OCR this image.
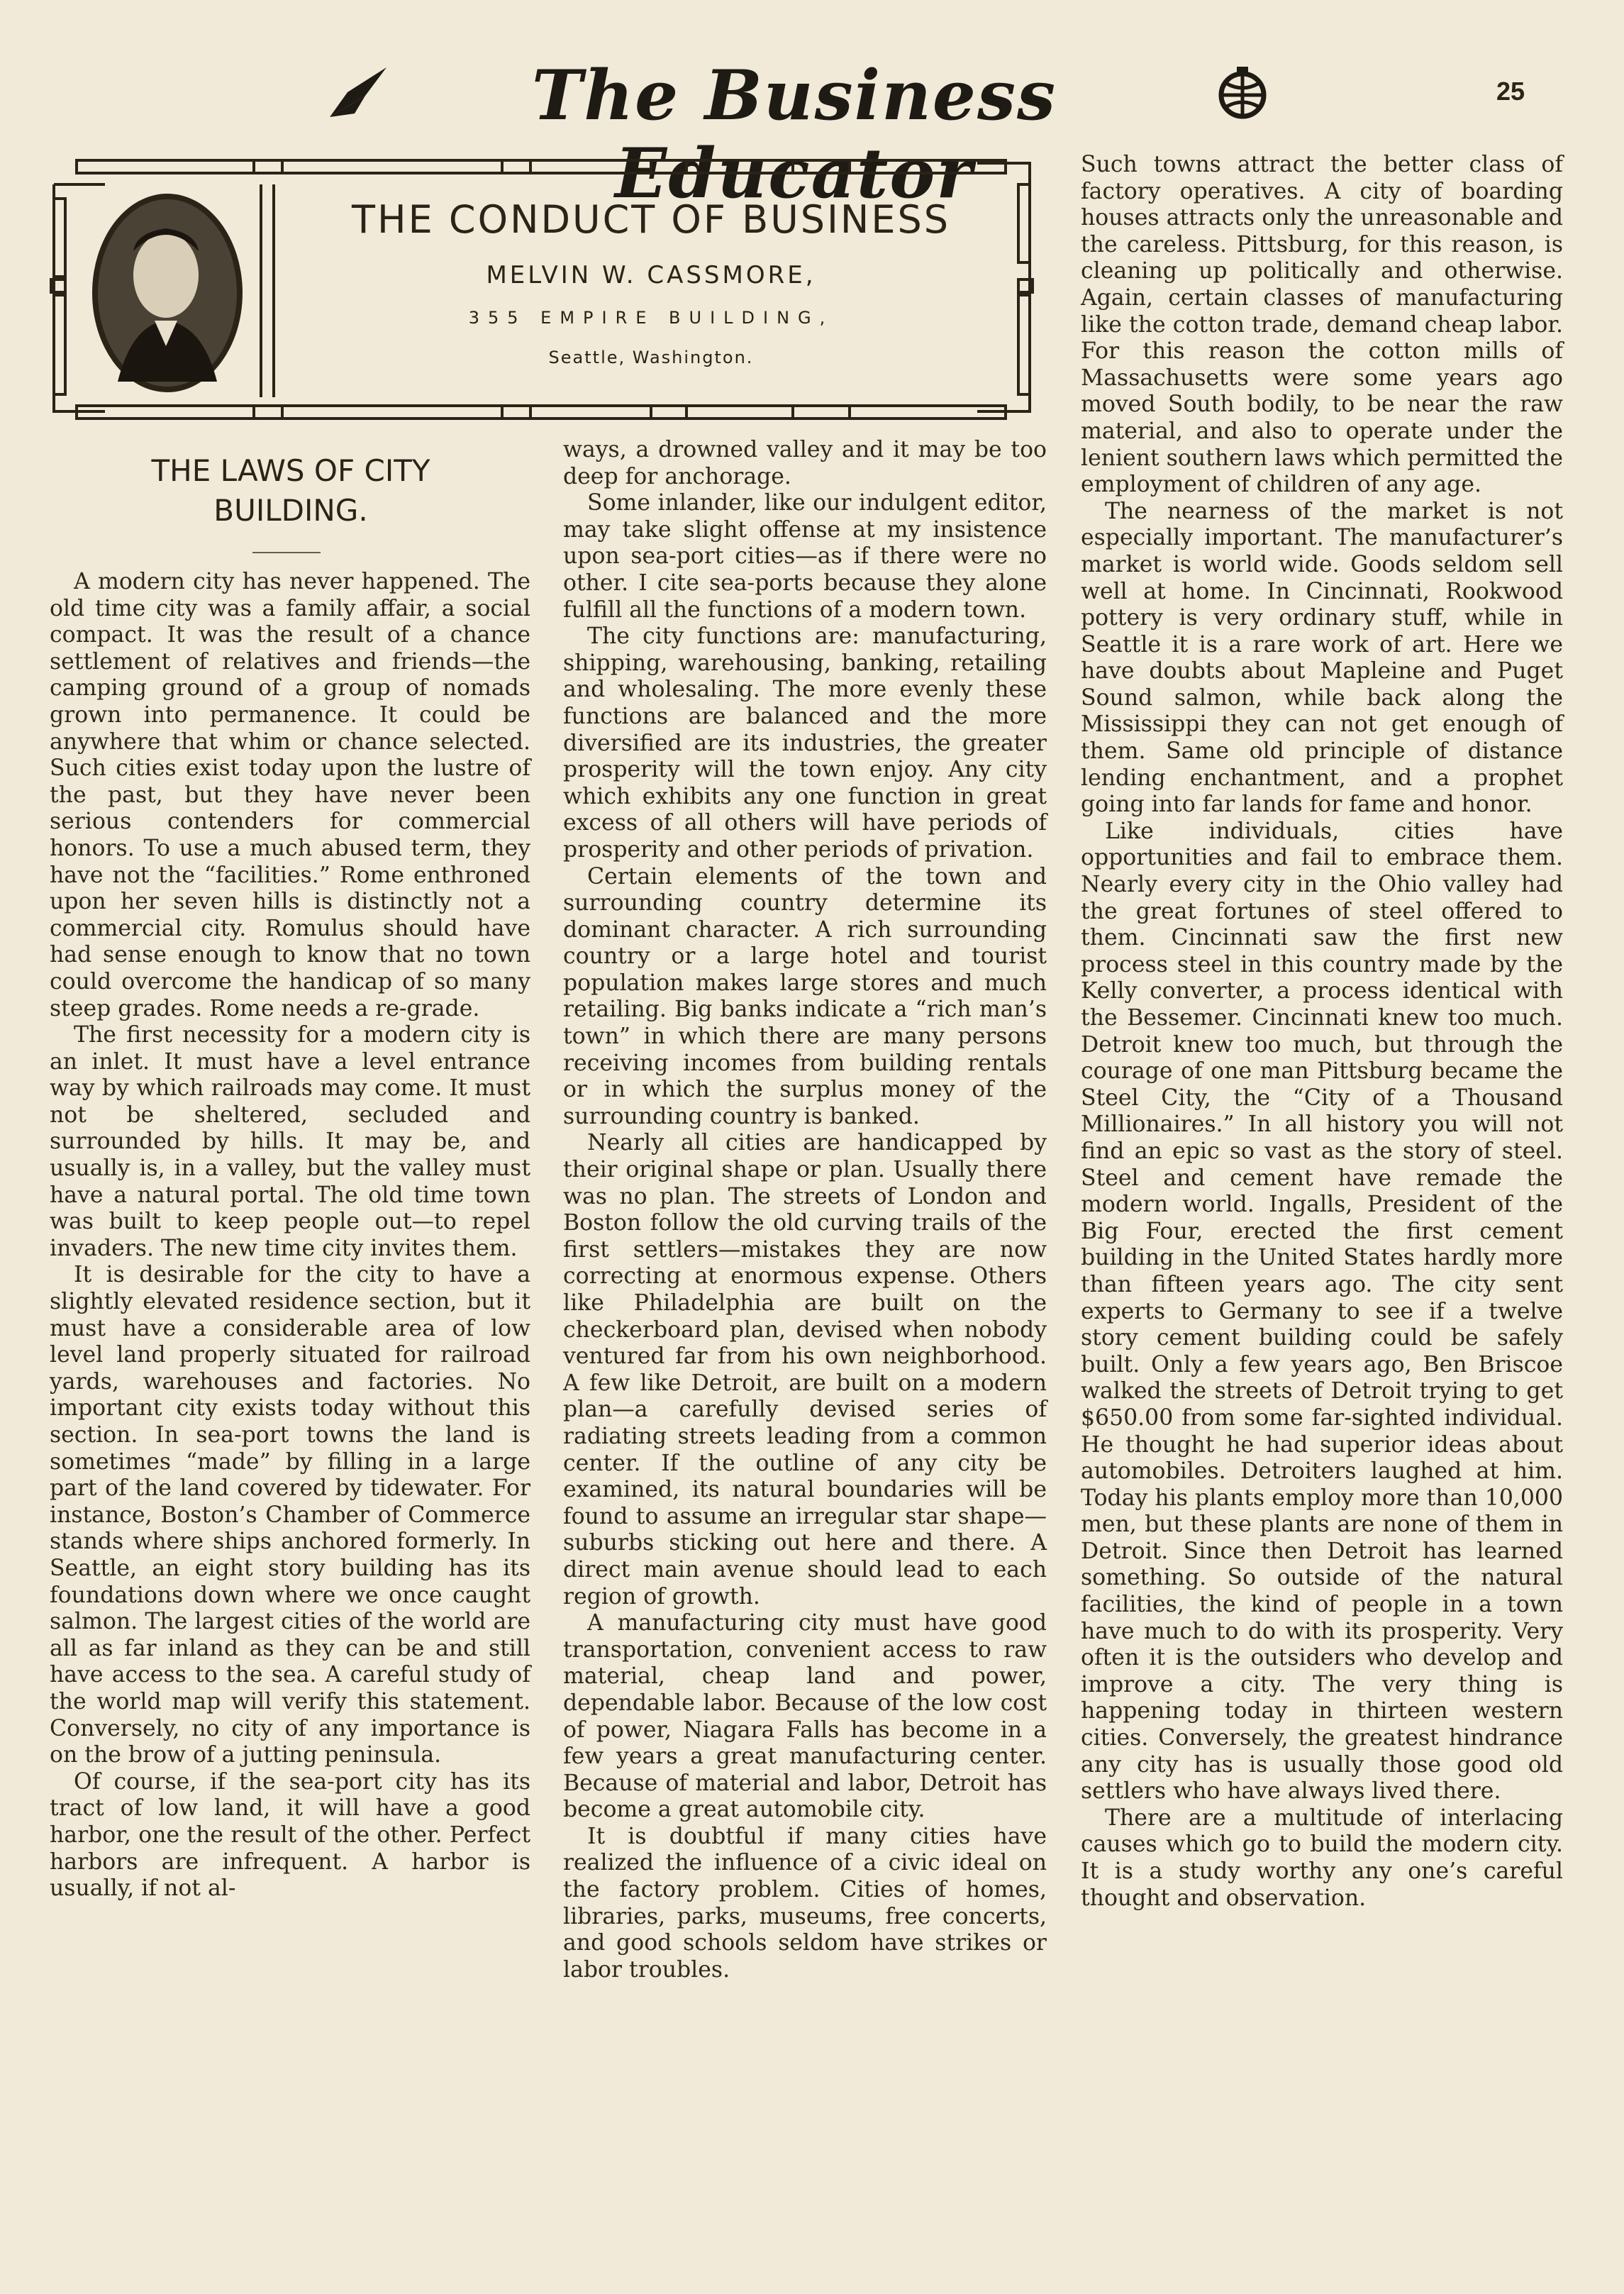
The Business Educator
25
THE CONDUCT OF BUSINESS
MELVIN W. CASSMORE,
355 EMPIRE BUILDING,
Seattle, Washington.
THE LAWS OF CITY
BUILDING.

A modern city has never happened. The old time city was a family affair, a social compact. It was the result of a chance settlement of relatives and friends—the camping ground of a group of nomads grown into permanence. It could be anywhere that whim or chance selected. Such cities exist today upon the lustre of the past, but they have never been serious contenders for commercial honors. To use a much abused term, they have not the “facilities.” Rome enthroned upon her seven hills is distinctly not a commercial city. Romulus should have had sense enough to know that no town could overcome the handicap of so many steep grades. Rome needs a re-grade.

The first necessity for a modern city is an inlet. It must have a level entrance way by which railroads may come. It must not be sheltered, secluded and surrounded by hills. It may be, and usually is, in a valley, but the valley must have a natural portal. The old time town was built to keep people out—to repel invaders. The new time city invites them.

It is desirable for the city to have a slightly elevated residence section, but it must have a considerable area of low level land properly situated for railroad yards, warehouses and factories. No important city exists today without this section. In sea-port towns the land is sometimes “made” by filling in a large part of the land covered by tidewater. For instance, Boston’s Chamber of Commerce stands where ships anchored formerly. In Seattle, an eight story building has its foundations down where we once caught salmon. The largest cities of the world are all as far inland as they can be and still have access to the sea. A careful study of the world map will verify this statement. Conversely, no city of any importance is on the brow of a jutting peninsula.

Of course, if the sea-port city has its tract of low land, it will have a good harbor, one the result of the other. Perfect harbors are infrequent. A harbor is usually, if not al-

ways, a drowned valley and it may be too deep for anchorage.

Some inlander, like our indulgent editor, may take slight offense at my insistence upon sea-port cities—as if there were no other. I cite sea-ports because they alone fulfill all the functions of a modern town.

The city functions are: manufacturing, shipping, warehousing, banking, retailing and wholesaling. The more evenly these functions are balanced and the more diversified are its industries, the greater prosperity will the town enjoy. Any city which exhibits any one function in great excess of all others will have periods of prosperity and other periods of privation.

Certain elements of the town and surrounding country determine its dominant character. A rich surrounding country or a large hotel and tourist population makes large stores and much retailing. Big banks indicate a “rich man’s town” in which there are many persons receiving incomes from building rentals or in which the surplus money of the surrounding country is banked.

Nearly all cities are handicapped by their original shape or plan. Usually there was no plan. The streets of London and Boston follow the old curving trails of the first settlers—mistakes they are now correcting at enormous expense. Others like Philadelphia are built on the checkerboard plan, devised when nobody ventured far from his own neighborhood. A few like Detroit, are built on a modern plan—a carefully devised series of radiating streets leading from a common center. If the outline of any city be examined, its natural boundaries will be found to assume an irregular star shape—suburbs sticking out here and there. A direct main avenue should lead to each region of growth.

A manufacturing city must have good transportation, convenient access to raw material, cheap land and power, dependable labor. Because of the low cost of power, Niagara Falls has become in a few years a great manufacturing center. Because of material and labor, Detroit has become a great automobile city.

It is doubtful if many cities have realized the influence of a civic ideal on the factory problem. Cities of homes, libraries, parks, museums, free concerts, and good schools seldom have strikes or labor troubles.

Such towns attract the better class of factory operatives. A city of boarding houses attracts only the unreasonable and the careless. Pittsburg, for this reason, is cleaning up politically and otherwise. Again, certain classes of manufacturing like the cotton trade, demand cheap labor. For this reason the cotton mills of Massachusetts were some years ago moved South bodily, to be near the raw material, and also to operate under the lenient southern laws which permitted the employment of children of any age.

The nearness of the market is not especially important. The manufacturer’s market is world wide. Goods seldom sell well at home. In Cincinnati, Rookwood pottery is very ordinary stuff, while in Seattle it is a rare work of art. Here we have doubts about Mapleine and Puget Sound salmon, while back along the Mississippi they can not get enough of them. Same old principle of distance lending enchantment, and a prophet going into far lands for fame and honor.

Like individuals, cities have opportunities and fail to embrace them. Nearly every city in the Ohio valley had the great fortunes of steel offered to them. Cincinnati saw the first new process steel in this country made by the Kelly converter, a process identical with the Bessemer. Cincinnati knew too much. Detroit knew too much, but through the courage of one man Pittsburg became the Steel City, the “City of a Thousand Millionaires.” In all history you will not find an epic so vast as the story of steel. Steel and cement have remade the modern world. Ingalls, President of the Big Four, erected the first cement building in the United States hardly more than fifteen years ago. The city sent experts to Germany to see if a twelve story cement building could be safely built. Only a few years ago, Ben Briscoe walked the streets of Detroit trying to get $650.00 from some far-sighted individual. He thought he had superior ideas about automobiles. Detroiters laughed at him. Today his plants employ more than 10,000 men, but these plants are none of them in Detroit. Since then Detroit has learned something. So outside of the natural facilities, the kind of people in a town have much to do with its prosperity. Very often it is the outsiders who develop and improve a city. The very thing is happening today in thirteen western cities. Conversely, the greatest hindrance any city has is usually those good old settlers who have always lived there.

There are a multitude of interlacing causes which go to build the modern city. It is a study worthy any one’s careful thought and observation.
